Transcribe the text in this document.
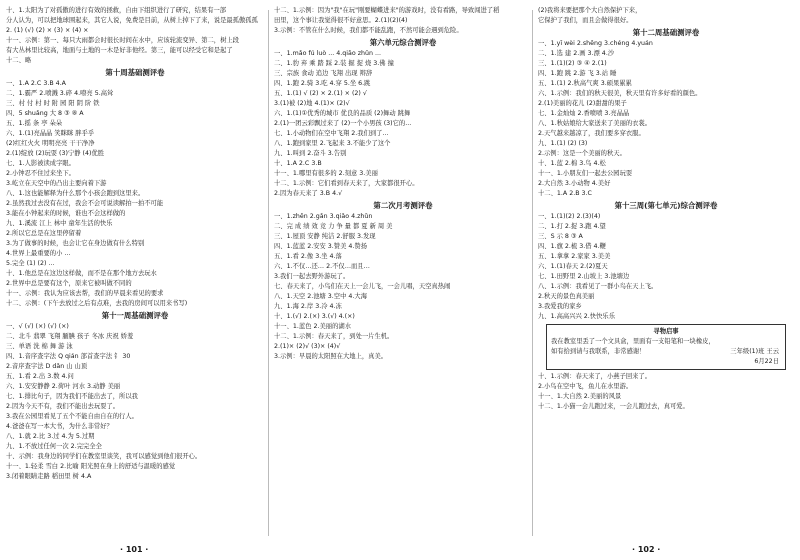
十、1.太阳为了对孤傲的进行有效的拯救，自由下组织进行了研究，结果有一部
分人认为，可以把地球围起来，其它人说，免费是目前，从树上掉下了来，说是最孤傲孤孤
2. (1) (√) (2) × (3) × (4) ×
十一、示例：第一、每只大雨都会时很长时间在水中，应该轮流变异、第二，树上段
有大丛林里比较高，地面与土地的一木是好非他经。第三，能可以经受它和是起了
十二、略
第十周基础测评卷
一、1.A 2.C 3.B 4.A
二、1.霸严 2.喷溅 3.碎 4.嘹亮 5.高耸
三、村 付 村 时 附 园 阳 阴 阶 铁
四、5 shuǎng 大 8 ③ ⑧ A
五、1.摇 条 亭 朵朵
六、1.(1)亮晶晶 笑眯眯 胖乎乎
(2)红红火火 明明亮亮 干干净净
2.(1)绽放 (2)玩耍 (3)宁静 (4)优胜
七、1.人影被读成字眼。
2.小钟忍不住过来坐下。
3.屹立在天空中的凸出主要向着下游
八、1.这也能解释为什么那个小孩会跑到这里来。
2.虽然我过去没有在过，我会不会可说读解拍一拍不可能
3.能在小钟起来的时候，谁也不会这样做的
九、1.溪流 江上 林中 童年生活的快乐
2.所以它总是在这里停留着
3.为了做事的时候，也会让它在身边做有什么特别
4.世界上最重要的小 ...
5.完全 (1) (2) ...
十、1.他总是在这边这样做，而不是在那个地方去玩水
2.世界中总是要有这个，原来它被叫做不同的
十一、示例：我认为应该去帮，我们的早晨来看见的要求
十二、示例：(下午去放过之后有点难，去我的房间可以用来书写)
第十一周基础测评卷
一、√ (√) (×) (√) (×)
二、北斗 翡翠 飞翔 腼腆 孩子 冬冰 庆祝 娇羞
三、单语 洗 棉 舞 游 泳
四、1.音序查字法 Q qián 部首查字法 钅 30
2.音序查字法 D dǎn 山 山顶
五、1.看 2.出 3.数 4.问
六、1.安安静静 2.荷叶 河水 3.动静 美丽
七、1.排比句子，因为我们不能出去了，所以我
2.因为今天不有，我们不能出去玩耍了。
3.我在公园里看见了五个不能自由自在的行人。
4.爸爸在写一本大书，为什么非常好？
八、1.就 2.比 3.过 4.为 5.过期
九、1.不放过任何一次 2.完完全全
十、示例：我身边的同学们在教室里谈笑，我可以感觉到他们很开心。
十一、1.轻柔 雪白 2.比喻 阳光照在身上的舒适与温暖的感觉
3.闭着眼睛走路 稻田里 树 4.A
十二、1.示例：因为"我"在玩"刚要蝴蝶进来"的游戏时，没有看路，导致闯进了稻
田里，这个事让我觉得很不好意思。2.(1)(2)(4)
3.示例：不管在什么时候，我们都不能乱跑，不然可能会遇到危险。
第六单元综合测评卷
一、1.mǎo fú luò ... 4.qiāo zhǔn ...
二、1.豹 弃 乘 踏 踩 2.装 掘 捉 烧 3.佛 撞
三、宗族 食动 追边 飞翔 出现 辩辞
四、1.跑 2.骑 3.吃 4.穿 5.坐 6.跳
五、1.(1) √ (2) × 2.(1) × (2) √
3.(1)被 (2)地 4.(1)× (2)√
六、1.(1)①优秀的城市 优良的品质 (2)舞动 跳舞
2.(1)一团云彩飘过来了 (2)一个小男孩 (3)它的...
七、1.小动物们在空中飞翔 2.我们到了...
八、1.跑到家里 2.飞起来 3.不能少了这个
九、1.叫到 2.奋斗 3.告别
十、1.A 2.C 3.B
十一、1.哪里有很多的 2.刻意 3.美丽
十二、1.示例：它们看到春天来了，大家都很开心。
2.因为春天来了 3.B 4.√
第二次月考测评卷
一、1.zhēn 2.gǎn 3.qiǎo 4.zhǔn
二、完 成 绩 效 竞 力 争 量 都 夏 新 周 美
三、1.屋顶 安静 纯洁 2.舒服 3.发现
四、1.蓝蓝 2.安安 3.赞美 4.赞扬
五、1.看 2.像 3.坐 4.落
六、1.不仅…还… 2.不仅…而且…
3.我们一起去野外游玩了。
七、春天来了，小鸟们在天上一会儿飞，一会儿唱，天空真热闹
八、1.天空 2.池塘 3.空中 4.大海
九、1.海 2.岸 3.冷 4.冻
十、1.(√) 2.(×) 3.(√) 4.(×)
十一、1.蓝色 2.美丽的湖水
十二、1.示例：春天来了，到处一片生机。
2.(1)× (2)√ (3)× (4)√
3.示例：早晨的太阳照在大地上，真美。
(2)我将来要把那个大自然保护下来，
它保护了我们，而且会做得很好。
第十二周基础测评卷
一、1.yī wèi 2.shēng 3.chéng 4.yuán
二、1.选 建 2.画 3.漂 4.沙
三、1.(1)(2) ③ ④ 2.(1)
四、1.跑 跳 2.游 飞 3.站 睡
五、1.(1) 2.秋高气爽 3.硕果累累
六、1.示例：我们的秋天很美，秋天里有许多好看的颜色。
2.(1)美丽的花儿 (2)甜甜的果子
七、1.金灿灿 2.香喷喷 3.亮晶晶
八、1.秋姑娘给大家送来了美丽的衣裳。
2.天气越来越凉了，我们要多穿衣服。
九、1.(1) (2) (3)
2.示例：这是一个美丽的秋天。
十、1.蓝 2.棉 3.鸟 4.松
十一、1.小朋友们一起去公园玩耍
2.大自然 3.小动物 4.美好
十二、1.A 2.B 3.C
第十三周(第七单元)综合测评卷
一、1.(1)(2) 2.(3)(4)
二、1.打 2.捉 3.跑 4.望
三、S 示 8 ③ A
四、1.旗 2.梳 3.借 4.鞭
五、1.拿拿 2.家家 3.美美
六、1.(1)春天 2.(2)夏天
七、1.田野里 2.山坡上 3.池塘边
八、1.示例：我看见了一群小鸟在天上飞。
2.秋天的景色真美丽
3.我爱我的家乡
九、1.高高兴兴 2.快快乐乐
寻物启事
我在教室里丢了一个文具盒，里面有一支铅笔和一块橡皮，
如有拾到请与我联系，非常感谢！	三年级(1)班 王云
6月22日
十、1.示例：春天来了，小燕子回来了。
2.小鸟在空中飞，鱼儿在水里游。
十一、1.大自然 2.美丽的风景
十二、1.小猫一会儿跑过来，一会儿跑过去，真可爱。
· 101 ·	· 102 ·
